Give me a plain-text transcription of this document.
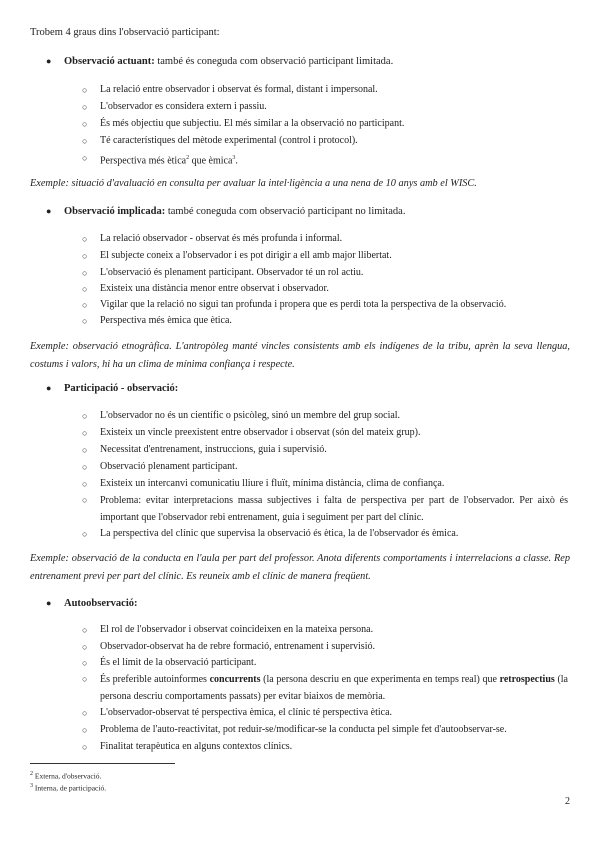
Trobem 4 graus dins l'observació participant:
● Observació actuant: també és coneguda com observació participant limitada.
○ La relació entre observador i observat és formal, distant i impersonal.
○ L'observador es considera extern i passiu.
○ És més objectiu que subjectiu. El més similar a la observació no participant.
○ Té característiques del mètode experimental (control i protocol).
○ Perspectiva més ètica$^2$ que èmica$^3$.
Exemple: situació d'avaluació en consulta per avaluar la intel·ligència a una nena de 10 anys amb el WISC.
● Observació implicada: també coneguda com observació participant no limitada.
○ La relació observador - observat és més profunda i informal.
○ El subjecte coneix a l'observador i es pot dirigir a ell amb major llibertat.
○ L'observació és plenament participant. Observador té un rol actiu.
○ Existeix una distància menor entre observat i observador.
○ Vigilar que la relació no sigui tan profunda i propera que es perdi tota la perspectiva de la observació.
○ Perspectiva més èmica que ètica.
Exemple: observació etnogràfica. L'antropòleg manté vincles consistents amb els indígenes de la tribu, aprèn la seva llengua, costums i valors, hi ha un clima de mínima confiança i respecte.
● Participació - observació:
○ L'observador no és un científic o psicòleg, sinó un membre del grup social.
○ Existeix un vincle preexistent entre observador i observat (són del mateix grup).
○ Necessitat d'entrenament, instruccions, guia i supervisió.
○ Observació plenament participant.
○ Existeix un intercanvi comunicatiu lliure i fluït, mínima distància, clima de confiança.
○ Problema: evitar interpretacions massa subjectives i falta de perspectiva per part de l'observador. Per això és important que l'observador rebi entrenament, guia i seguiment per part del clínic.
○ La perspectiva del clínic que supervisa la observació és ètica, la de l'observador és èmica.
Exemple: observació de la conducta en l'aula per part del professor. Anota diferents comportaments i interrelacions a classe. Rep entrenament previ per part del clínic. Es reuneix amb el clínic de manera freqüent.
● Autoobservació:
○ El rol de l'observador i observat coincideixen en la mateixa persona.
○ Observador-observat ha de rebre formació, entrenament i supervisió.
○ És el límit de la observació participant.
○ És preferible autoinformes concurrents (la persona descriu en que experimenta en temps real) que retrospectius (la persona descriu comportaments passats) per evitar biaixos de memòria.
○ L'observador-observat té perspectiva èmica, el clínic té perspectiva ètica.
○ Problema de l'auto-reactivitat, pot reduir-se/modificar-se la conducta pel simple fet d'autoobservar-se.
○ Finalitat terapèutica en alguns contextos clínics.
$^2$ Externa, d'observació.
$^3$ Interna, de participació.
2
